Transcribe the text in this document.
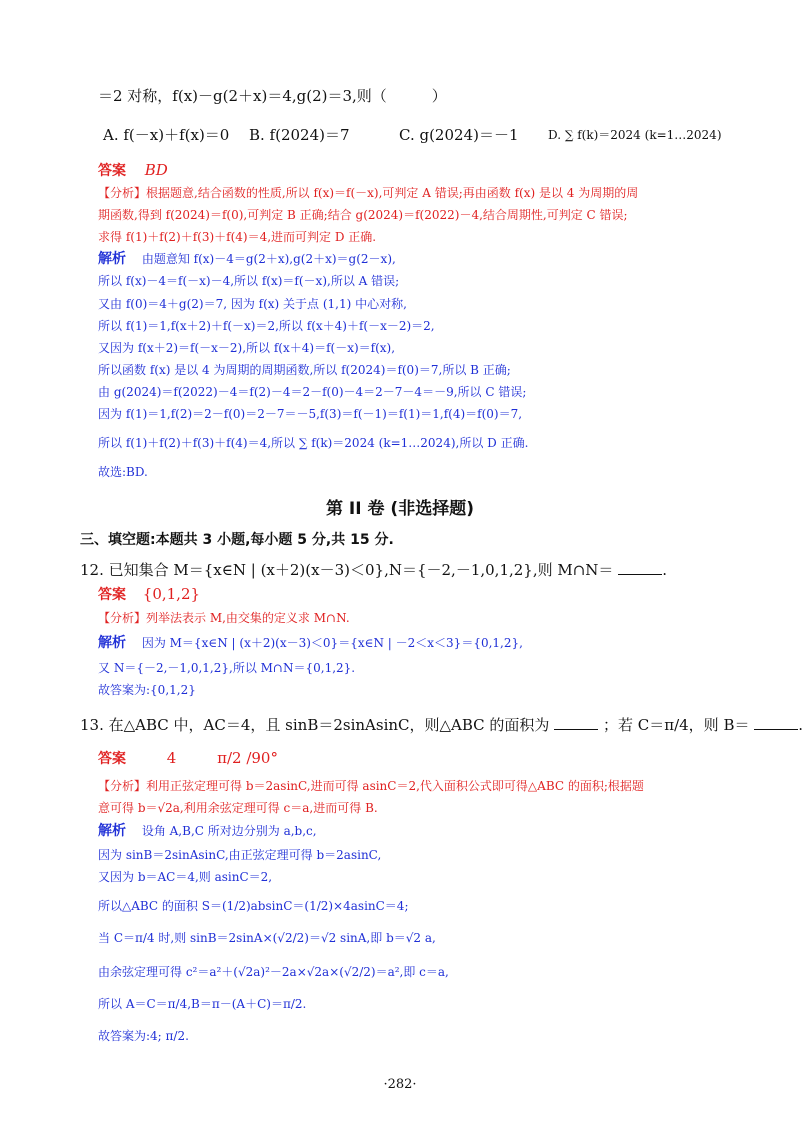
＝2 对称，f(x)－g(2＋x)＝4,g(2)＝3,则（　　　）
A. f(－x)＋f(x)＝0 B. f(2024)＝7	C. g(2024)＝－1 D. ∑ f(k)＝2024 (k=1…2024)
答案 BD
【分析】根据题意,结合函数的性质,所以 f(x)＝f(－x),可判定 A 错误;再由函数 f(x) 是以 4 为周期的周
期函数,得到 f(2024)＝f(0),可判定 B 正确;结合 g(2024)＝f(2022)－4,结合周期性,可判定 C 错误;
求得 f(1)＋f(2)＋f(3)＋f(4)＝4,进而可判定 D 正确.
解析 由题意知 f(x)－4＝g(2＋x),g(2＋x)＝g(2－x),
所以 f(x)－4＝f(－x)－4,所以 f(x)＝f(－x),所以 A 错误;
又由 f(0)＝4＋g(2)＝7, 因为 f(x) 关于点 (1,1) 中心对称,
所以 f(1)＝1,f(x＋2)＋f(－x)＝2,所以 f(x＋4)＋f(－x－2)＝2,
又因为 f(x＋2)＝f(－x－2),所以 f(x＋4)＝f(－x)＝f(x),
所以函数 f(x) 是以 4 为周期的周期函数,所以 f(2024)＝f(0)＝7,所以 B 正确;
由 g(2024)＝f(2022)－4＝f(2)－4＝2－f(0)－4＝2－7－4＝－9,所以 C 错误;
因为 f(1)＝1,f(2)＝2－f(0)＝2－7＝－5,f(3)＝f(－1)＝f(1)＝1,f(4)＝f(0)＝7,
所以 f(1)＋f(2)＋f(3)＋f(4)＝4,所以 ∑ f(k)＝2024 (k=1…2024),所以 D 正确.
故选:BD.
第 II 卷 (非选择题)
三、填空题:本题共 3 小题,每小题 5 分,共 15 分.
12. 已知集合 M＝{x∈N | (x＋2)(x－3)＜0},N＝{－2,－1,0,1,2},则 M∩N＝	.
答案 {0,1,2}
【分析】列举法表示 M,由交集的定义求 M∩N.
解析 因为 M＝{x∈N | (x＋2)(x－3)＜0}＝{x∈N | －2＜x＜3}＝{0,1,2},
又 N＝{－2,－1,0,1,2},所以 M∩N＝{0,1,2}.
故答案为:{0,1,2}
13. 在△ABC 中，AC＝4，且 sinB＝2sinAsinC，则△ABC 的面积为	；若 C＝π/4，则 B＝	.
答案	4	π/2 /90°
【分析】利用正弦定理可得 b＝2asinC,进而可得 asinC＝2,代入面积公式即可得△ABC 的面积;根据题
意可得 b＝√2a,利用余弦定理可得 c＝a,进而可得 B.
解析 设角 A,B,C 所对边分别为 a,b,c,
因为 sinB＝2sinAsinC,由正弦定理可得 b＝2asinC,
又因为 b＝AC＝4,则 asinC＝2,
所以△ABC 的面积 S＝(1/2)absinC＝(1/2)×4asinC＝4;
当 C＝π/4 时,则 sinB＝2sinA×(√2/2)＝√2 sinA,即 b＝√2 a,
由余弦定理可得 c²＝a²＋(√2a)²－2a×√2a×(√2/2)＝a²,即 c＝a,
所以 A＝C＝π/4,B＝π－(A＋C)＝π/2.
故答案为:4; π/2.
·282·
